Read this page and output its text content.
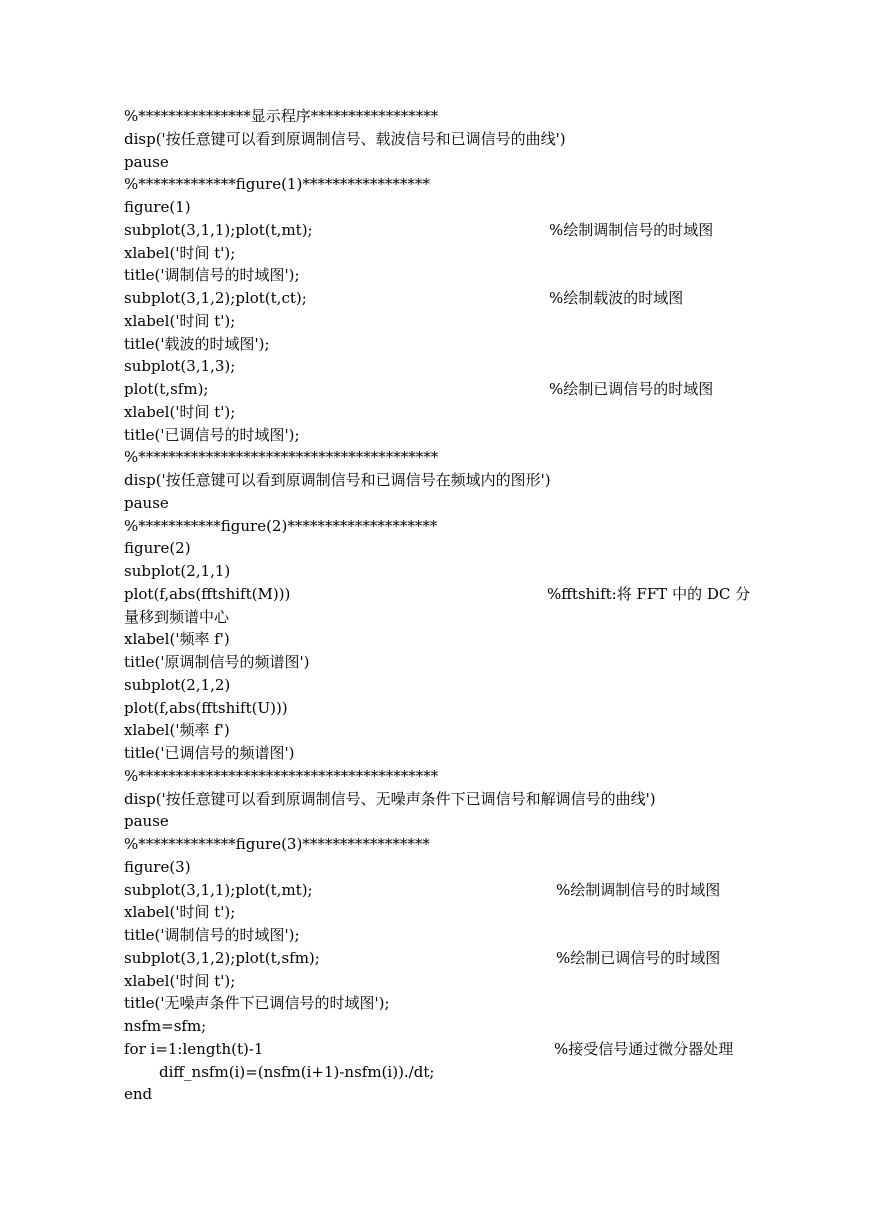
%***************显示程序*****************
disp('按任意键可以看到原调制信号、载波信号和已调信号的曲线')
pause
%*************figure(1)*****************
figure(1)
subplot(3,1,1);plot(t,mt);	%绘制调制信号的时域图
xlabel('时间 t');
title('调制信号的时域图');
subplot(3,1,2);plot(t,ct);	%绘制载波的时域图
xlabel('时间 t');
title('载波的时域图');
subplot(3,1,3);
plot(t,sfm);	%绘制已调信号的时域图
xlabel('时间 t');
title('已调信号的时域图');
%****************************************
disp('按任意键可以看到原调制信号和已调信号在频域内的图形')
pause
%***********figure(2)********************
figure(2)
subplot(2,1,1)
plot(f,abs(fftshift(M)))	%fftshift:将 FFT 中的 DC 分
量移到频谱中心
xlabel('频率 f')
title('原调制信号的频谱图')
subplot(2,1,2)
plot(f,abs(fftshift(U)))
xlabel('频率 f')
title('已调信号的频谱图')
%****************************************
disp('按任意键可以看到原调制信号、无噪声条件下已调信号和解调信号的曲线')
pause
%*************figure(3)*****************
figure(3)
subplot(3,1,1);plot(t,mt);	%绘制调制信号的时域图
xlabel('时间 t');
title('调制信号的时域图');
subplot(3,1,2);plot(t,sfm);	%绘制已调信号的时域图
xlabel('时间 t');
title('无噪声条件下已调信号的时域图');
nsfm=sfm;
for i=1:length(t)-1	%接受信号通过微分器处理
diff_nsfm(i)=(nsfm(i+1)-nsfm(i))./dt;
end
